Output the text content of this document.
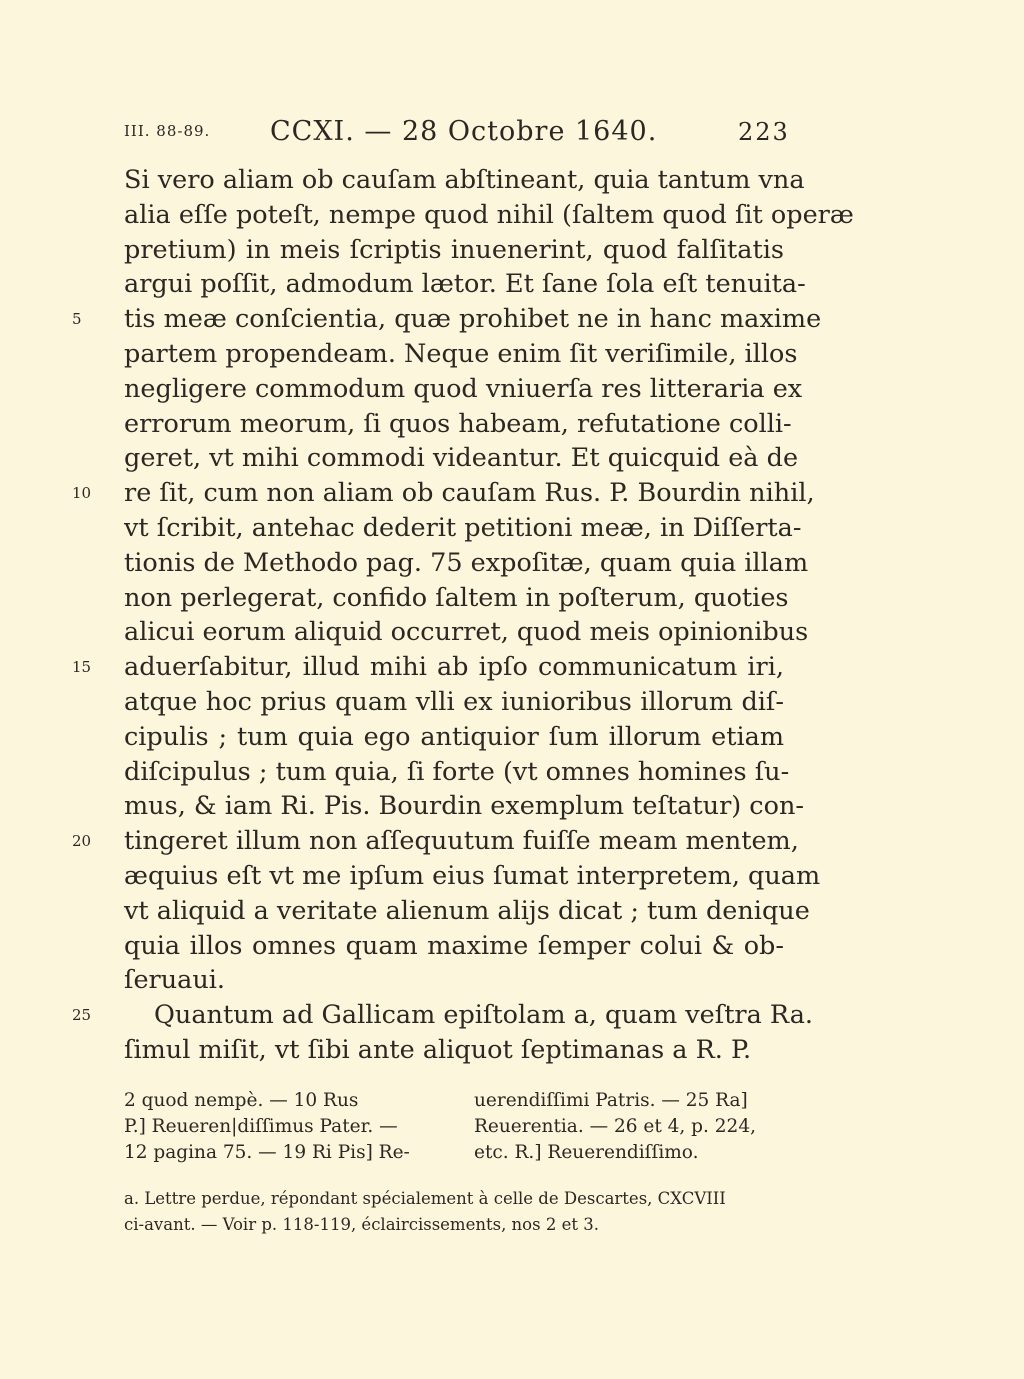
III. 88-89. CCXI. — 28 Octobre 1640.	223
Si vero aliam ob cauſam abſtineant, quia tantum vna
alia eſſe poteſt, nempe quod nihil (ſaltem quod ſit operæ
pretium) in meis ſcriptis inuenerint, quod falſitatis
argui poſſit, admodum lætor. Et ſane ſola eſt tenuita-
5	tis meæ conſcientia, quæ prohibet ne in hanc maxime
partem propendeam. Neque enim ſit veriſimile, illos
negligere commodum quod vniuerſa res litteraria ex
errorum meorum, ſi quos habeam, refutatione colli-
geret, vt mihi commodi videantur. Et quicquid eà de
10	re ſit, cum non aliam ob cauſam Rus. P. Bourdin nihil,
vt ſcribit, antehac dederit petitioni meæ, in Diſſerta-
tionis de Methodo pag. 75 expoſitæ, quam quia illam
non perlegerat, confido ſaltem in poſterum, quoties
alicui eorum aliquid occurret, quod meis opinionibus
15	aduerſabitur, illud mihi ab ipſo communicatum iri,
atque hoc prius quam vlli ex iunioribus illorum diſ-
cipulis ; tum quia ego antiquior ſum illorum etiam
diſcipulus ; tum quia, ſi forte (vt omnes homines ſu-
mus, & iam Ri. Pis. Bourdin exemplum teſtatur) con-
20	tingeret illum non aſſequutum fuiſſe meam mentem,
æquius eſt vt me ipſum eius ſumat interpretem, quam
vt aliquid a veritate alienum alijs dicat ; tum denique
quia illos omnes quam maxime ſemper colui & ob-
ſeruaui.
25	Quantum ad Gallicam epiſtolam a, quam veſtra Ra.
ſimul miſit, vt ſibi ante aliquot ſeptimanas a R. P.
2 quod nempè. — 10 Rus
P.] Reueren|diſſimus Pater. —
12 pagina 75. — 19 Ri Pis] Re-
uerendiſſimi Patris. — 25 Ra]
Reuerentia. — 26 et 4, p. 224,
etc. R.] Reuerendiſſimo.
a. Lettre perdue, répondant spécialement à celle de Descartes, CXCVIII
ci-avant. — Voir p. 118-119, éclaircissements, nos 2 et 3.
